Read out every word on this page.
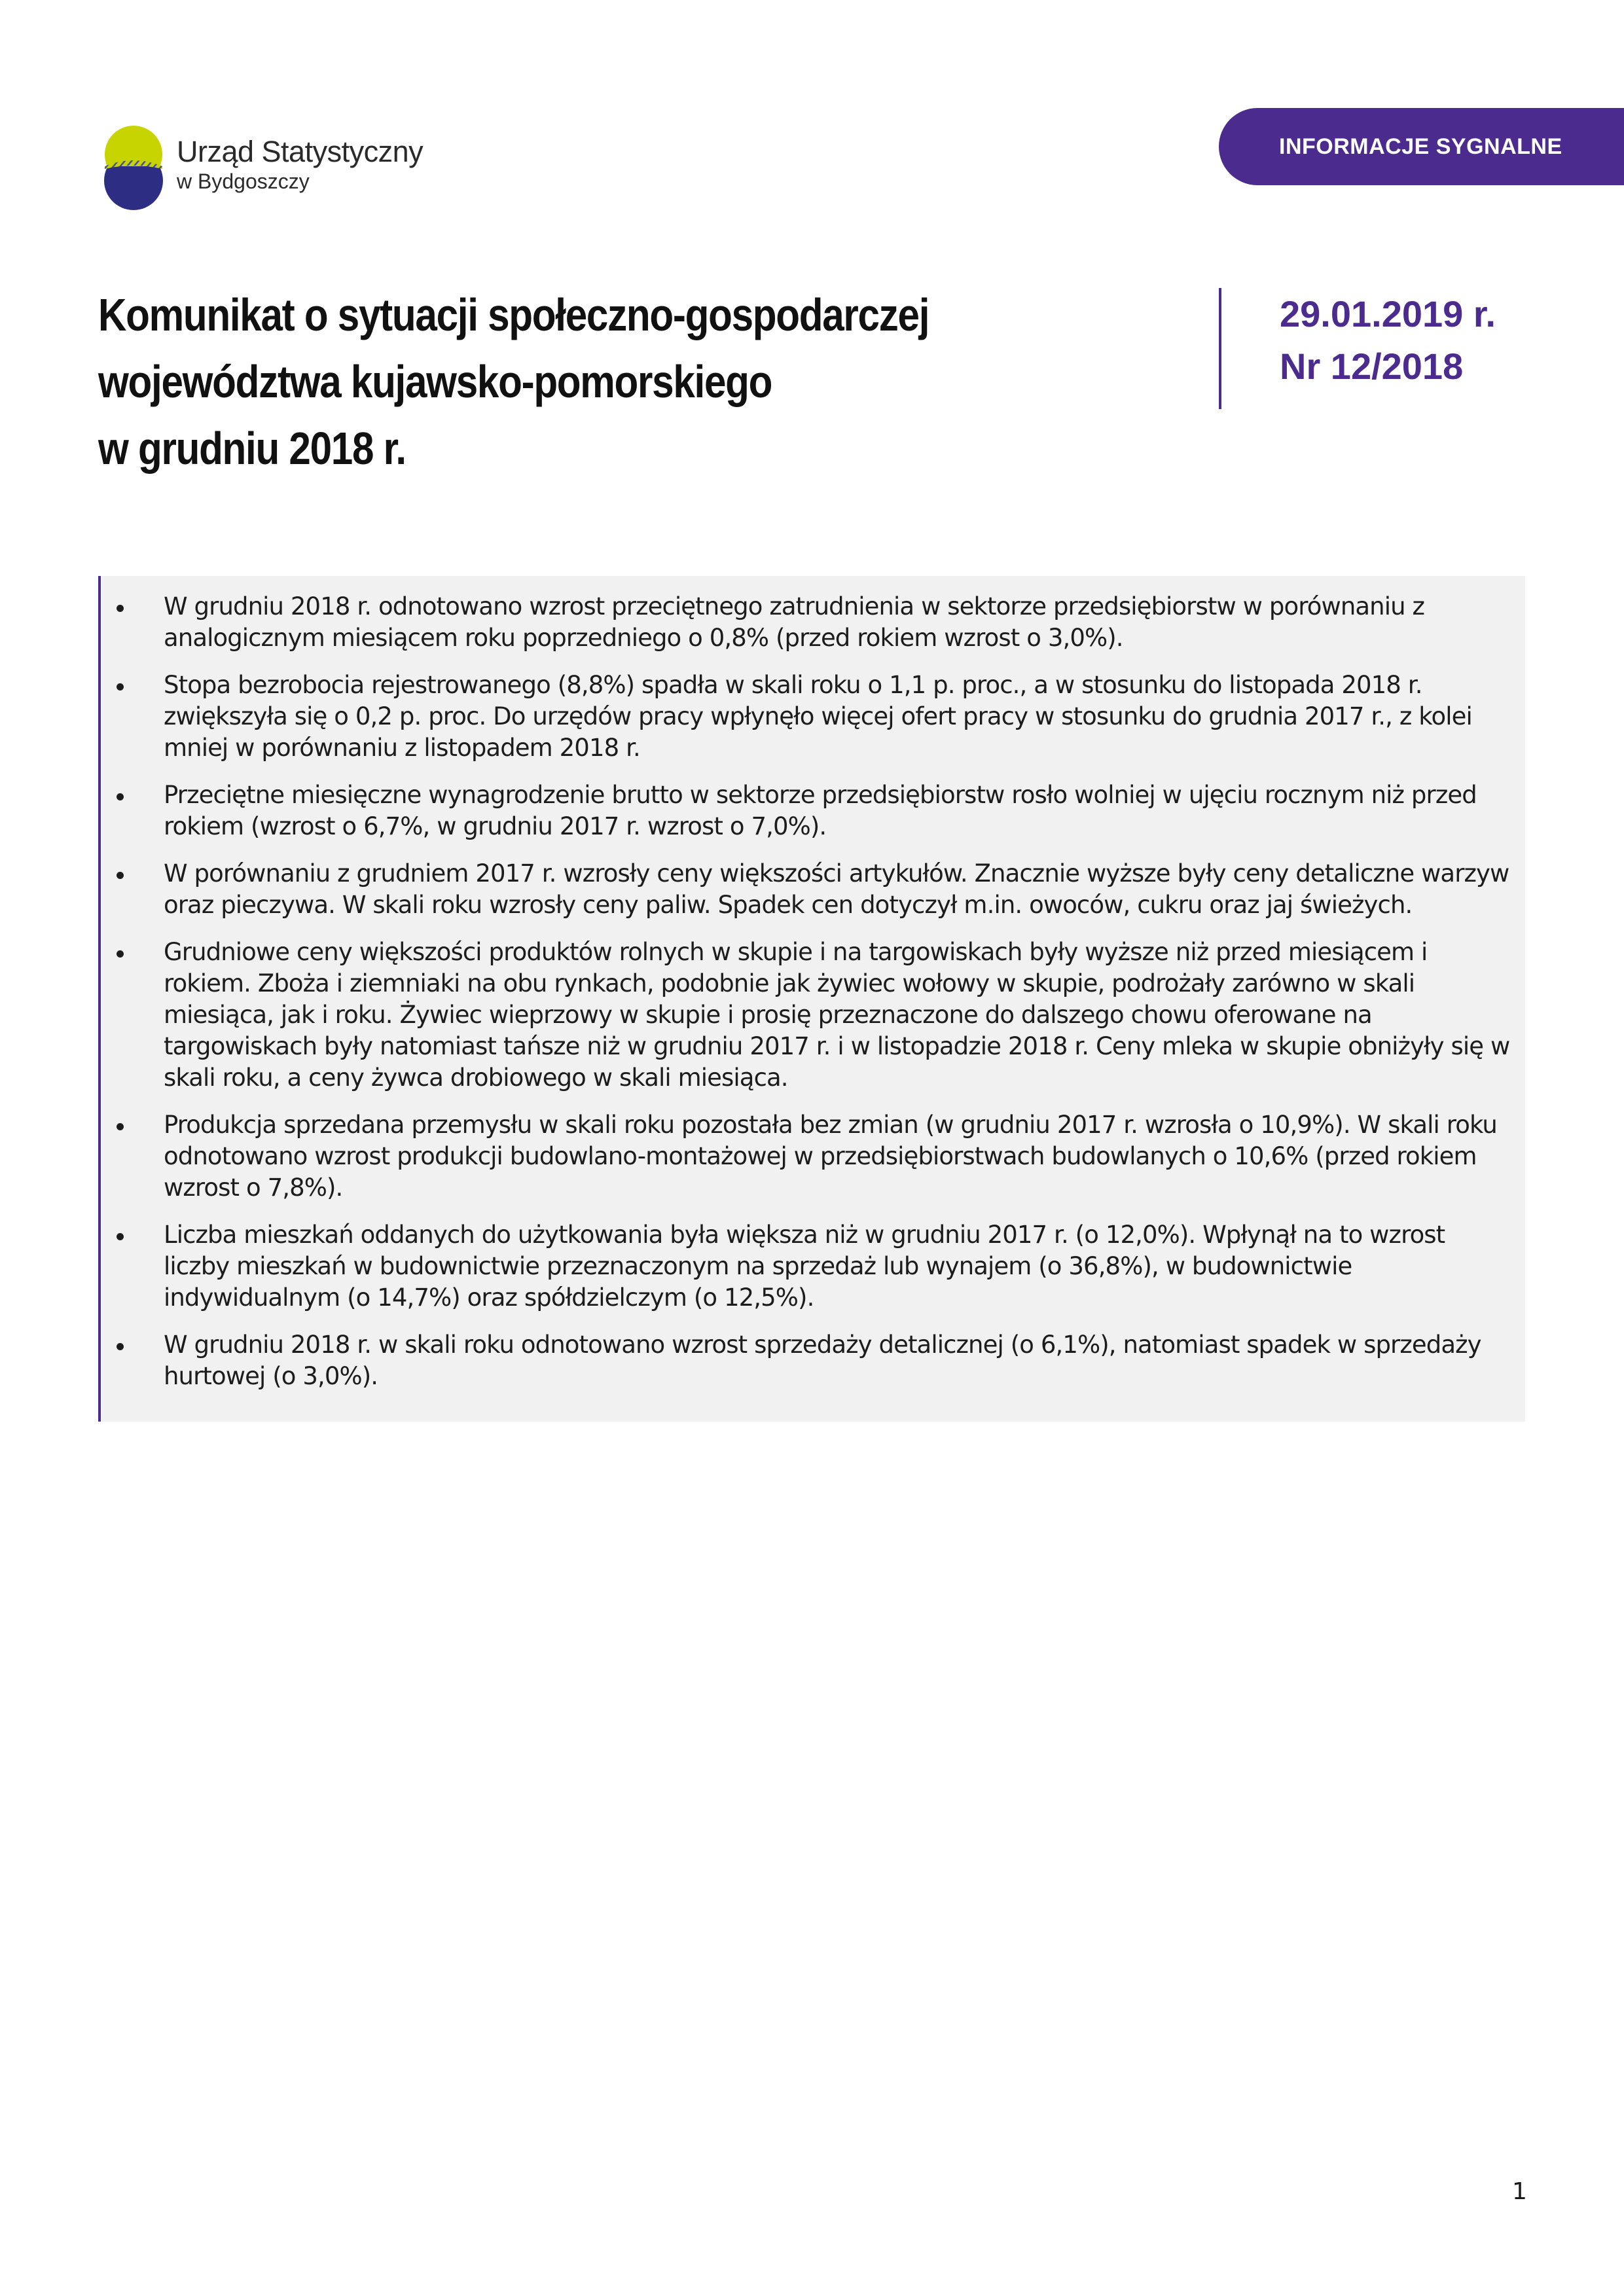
Urząd Statystyczny
w Bydgoszczy
INFORMACJE SYGNALNE
Komunikat o sytuacji społeczno-gospodarczej
województwa kujawsko-pomorskiego
w grudniu 2018 r.
29.01.2019 r.
Nr 12/2018
W grudniu 2018 r. odnotowano wzrost przeciętnego zatrudnienia w sektorze przedsiębiorstw w porównaniu z analogicznym miesiącem roku poprzedniego o 0,8% (przed rokiem wzrost o 3,0%).
Stopa bezrobocia rejestrowanego (8,8%) spadła w skali roku o 1,1 p. proc., a w stosunku do listopada 2018 r. zwiększyła się o 0,2 p. proc. Do urzędów pracy wpłynęło więcej ofert pracy w stosunku do grudnia 2017 r., z kolei mniej w porównaniu z listopadem 2018 r.
Przeciętne miesięczne wynagrodzenie brutto w sektorze przedsiębiorstw rosło wolniej w ujęciu rocznym niż przed rokiem (wzrost o 6,7%, w grudniu 2017 r. wzrost o 7,0%).
W porównaniu z grudniem 2017 r. wzrosły ceny większości artykułów. Znacznie wyższe były ceny detaliczne warzyw oraz pieczywa. W skali roku wzrosły ceny paliw. Spadek cen dotyczył m.in. owoców, cukru oraz jaj świeżych.
Grudniowe ceny większości produktów rolnych w skupie i na targowiskach były wyższe niż przed miesiącem i rokiem. Zboża i ziemniaki na obu rynkach, podobnie jak żywiec wołowy w skupie, podrożały zarówno w skali miesiąca, jak i roku. Żywiec wieprzowy w skupie i prosię przeznaczone do dalszego chowu oferowane na targowiskach były natomiast tańsze niż w grudniu 2017 r. i w listopadzie 2018 r. Ceny mleka w skupie obniżyły się w skali roku, a ceny żywca drobiowego w skali miesiąca.
Produkcja sprzedana przemysłu w skali roku pozostała bez zmian (w grudniu 2017 r. wzrosła o 10,9%). W skali roku odnotowano wzrost produkcji budowlano-montażowej w przedsiębiorstwach budowlanych o 10,6% (przed rokiem wzrost o 7,8%).
Liczba mieszkań oddanych do użytkowania była większa niż w grudniu 2017 r. (o 12,0%). Wpłynął na to wzrost liczby mieszkań w budownictwie przeznaczonym na sprzedaż lub wynajem (o 36,8%), w budownictwie indywidualnym (o 14,7%) oraz spółdzielczym (o 12,5%).
W grudniu 2018 r. w skali roku odnotowano wzrost sprzedaży detalicznej (o 6,1%), natomiast spadek w sprzedaży hurtowej (o 3,0%).
1
